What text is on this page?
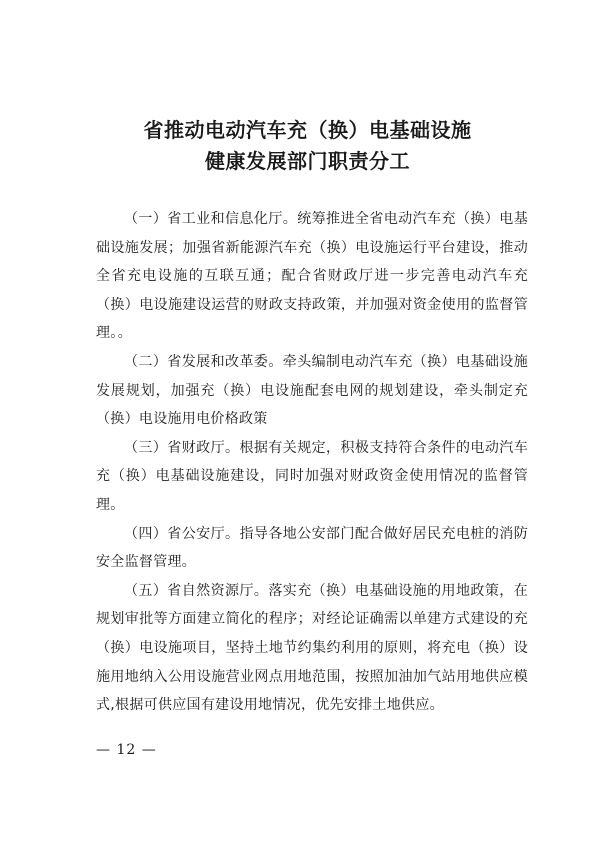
省推动电动汽车充（换）电基础设施
健康发展部门职责分工

（一）省工业和信息化厅。统筹推进全省电动汽车充（换）电基础设施发展；加强省新能源汽车充（换）电设施运行平台建设，推动全省充电设施的互联互通；配合省财政厅进一步完善电动汽车充（换）电设施建设运营的财政支持政策，并加强对资金使用的监督管理。。

（二）省发展和改革委。牵头编制电动汽车充（换）电基础设施发展规划，加强充（换）电设施配套电网的规划建设，牵头制定充（换）电设施用电价格政策

（三）省财政厅。根据有关规定，积极支持符合条件的电动汽车充（换）电基础设施建设，同时加强对财政资金使用情况的监督管理。

（四）省公安厅。指导各地公安部门配合做好居民充电桩的消防安全监督管理。

（五）省自然资源厅。落实充（换）电基础设施的用地政策，在规划审批等方面建立简化的程序；对经论证确需以单建方式建设的充（换）电设施项目，坚持土地节约集约利用的原则，将充电（换）设施用地纳入公用设施营业网点用地范围，按照加油加气站用地供应模式,根据可供应国有建设用地情况，优先安排土地供应。

— 12 —
